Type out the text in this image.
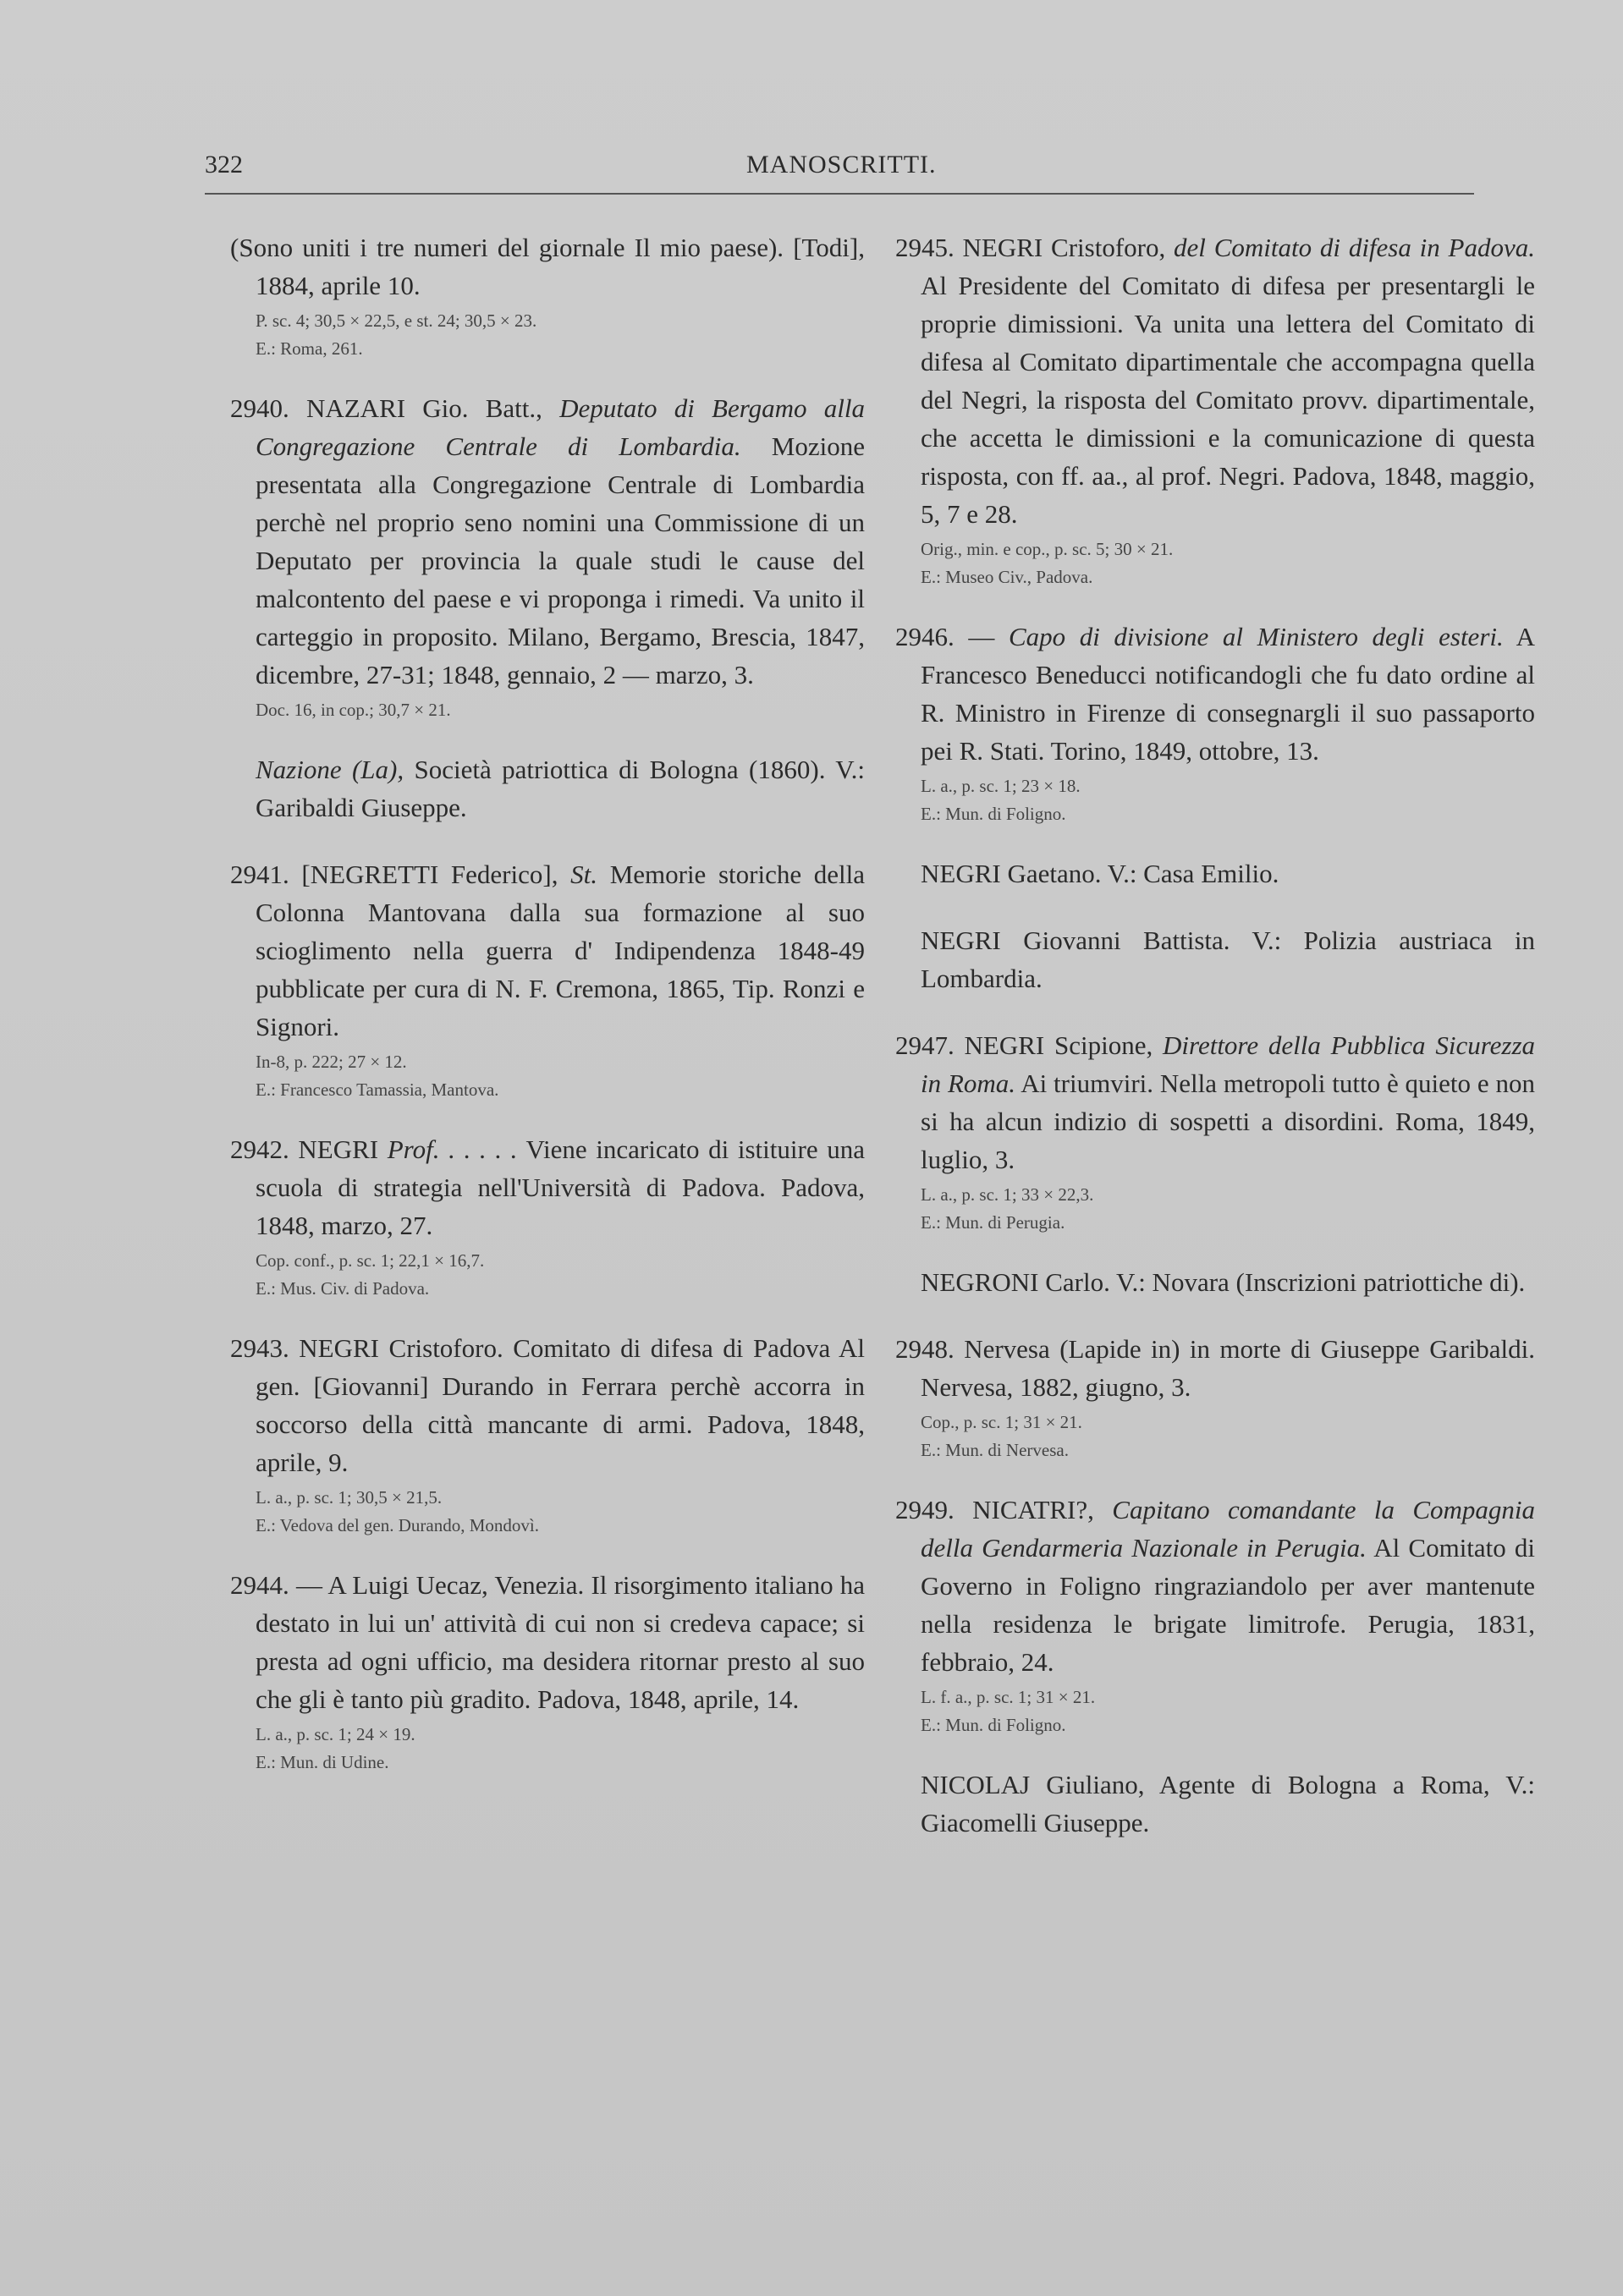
322	MANOSCRITTI.

(Sono uniti i tre numeri del giornale Il mio paese). [Todi], 1884, aprile 10.

P. sc. 4; 30,5 × 22,5, e st. 24; 30,5 × 23.
E.: Roma, 261.

2940. NAZARI Gio. Batt., Deputato di Bergamo alla Congregazione Centrale di Lombardia. Mozione presentata alla Congregazione Centrale di Lombardia perchè nel proprio seno nomini una Commissione di un Deputato per provincia la quale studi le cause del malcontento del paese e vi proponga i rimedi. Va unito il carteggio in proposito. Milano, Bergamo, Brescia, 1847, dicembre, 27-31; 1848, gennaio, 2 — marzo, 3.

Doc. 16, in cop.; 30,7 × 21.

Nazione (La), Società patriottica di Bologna (1860). V.: Garibaldi Giuseppe.

2941. [NEGRETTI Federico], St. Memorie storiche della Colonna Mantovana dalla sua formazione al suo scioglimento nella guerra d' Indipendenza 1848-49 pubblicate per cura di N. F. Cremona, 1865, Tip. Ronzi e Signori.

In-8, p. 222; 27 × 12.
E.: Francesco Tamassia, Mantova.

2942. NEGRI Prof. . . . . . Viene incaricato di istituire una scuola di strategia nell'Università di Padova. Padova, 1848, marzo, 27.

Cop. conf., p. sc. 1; 22,1 × 16,7.
E.: Mus. Civ. di Padova.

2943. NEGRI Cristoforo. Comitato di difesa di Padova Al gen. [Giovanni] Durando in Ferrara perchè accorra in soccorso della città mancante di armi. Padova, 1848, aprile, 9.

L. a., p. sc. 1; 30,5 × 21,5.
E.: Vedova del gen. Durando, Mondovì.

2944. — A Luigi Uecaz, Venezia. Il risorgimento italiano ha destato in lui un' attività di cui non si credeva capace; si presta ad ogni ufficio, ma desidera ritornar presto al suo che gli è tanto più gradito. Padova, 1848, aprile, 14.

L. a., p. sc. 1; 24 × 19.
E.: Mun. di Udine.

2945. NEGRI Cristoforo, del Comitato di difesa in Padova. Al Presidente del Comitato di difesa per presentargli le proprie dimissioni. Va unita una lettera del Comitato di difesa al Comitato dipartimentale che accompagna quella del Negri, la risposta del Comitato provv. dipartimentale, che accetta le dimissioni e la comunicazione di questa risposta, con ff. aa., al prof. Negri. Padova, 1848, maggio, 5, 7 e 28.

Orig., min. e cop., p. sc. 5; 30 × 21.
E.: Museo Civ., Padova.

2946. — Capo di divisione al Ministero degli esteri. A Francesco Beneducci notificandogli che fu dato ordine al R. Ministro in Firenze di consegnargli il suo passaporto pei R. Stati. Torino, 1849, ottobre, 13.

L. a., p. sc. 1; 23 × 18.
E.: Mun. di Foligno.

NEGRI Gaetano. V.: Casa Emilio.

NEGRI Giovanni Battista. V.: Polizia austriaca in Lombardia.

2947. NEGRI Scipione, Direttore della Pubblica Sicurezza in Roma. Ai triumviri. Nella metropoli tutto è quieto e non si ha alcun indizio di sospetti a disordini. Roma, 1849, luglio, 3.

L. a., p. sc. 1; 33 × 22,3.
E.: Mun. di Perugia.

NEGRONI Carlo. V.: Novara (Inscrizioni patriottiche di).

2948. Nervesa (Lapide in) in morte di Giuseppe Garibaldi. Nervesa, 1882, giugno, 3.

Cop., p. sc. 1; 31 × 21.
E.: Mun. di Nervesa.

2949. NICATRI?, Capitano comandante la Compagnia della Gendarmeria Nazionale in Perugia. Al Comitato di Governo in Foligno ringraziandolo per aver mantenute nella residenza le brigate limitrofe. Perugia, 1831, febbraio, 24.

L. f. a., p. sc. 1; 31 × 21.
E.: Mun. di Foligno.

NICOLAJ Giuliano, Agente di Bologna a Roma, V.: Giacomelli Giuseppe.
